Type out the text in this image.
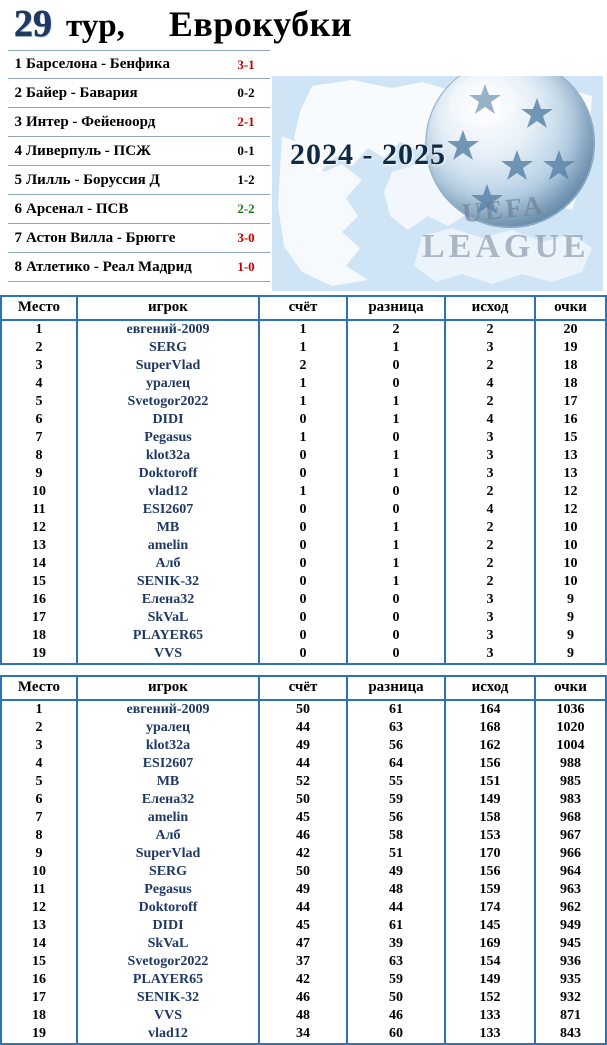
29 тур, Еврокубки
1 Барселона - Бенфика	3-1
2 Байер - Бавария	0-2
3 Интер - Фейеноорд	2-1
4 Ливерпуль - ПСЖ	0-1
5 Лилль - Боруссия Д	1-2
6 Арсенал - ПСВ	2-2
7 Астон Вилла - Брюгге	3-0
8 Атлетико - Реал Мадрид	1-0
UEFA
LEAGUE
2024 - 2025
Место	игрок	счёт	разница	исход	очки
1	евгений-2009	1	2	2	20
2	SERG	1	1	3	19
3	SuperVlad	2	0	2	18
4	уралец	1	0	4	18
5	Svetogor2022	1	1	2	17
6	DIDI	0	1	4	16
7	Pegasus	1	0	3	15
8	klot32a	0	1	3	13
9	Doktoroff	0	1	3	13
10	vlad12	1	0	2	12
11	ESI2607	0	0	4	12
12	MB	0	1	2	10
13	amelin	0	1	2	10
14	Алб	0	1	2	10
15	SENIK-32	0	1	2	10
16	Елена32	0	0	3	9
17	SkVaL	0	0	3	9
18	PLAYER65	0	0	3	9
19	VVS	0	0	3	9
Место	игрок	счёт	разница	исход	очки
1	евгений-2009	50	61	164	1036
2	уралец	44	63	168	1020
3	klot32a	49	56	162	1004
4	ESI2607	44	64	156	988
5	MB	52	55	151	985
6	Елена32	50	59	149	983
7	amelin	45	56	158	968
8	Алб	46	58	153	967
9	SuperVlad	42	51	170	966
10	SERG	50	49	156	964
11	Pegasus	49	48	159	963
12	Doktoroff	44	44	174	962
13	DIDI	45	61	145	949
14	SkVaL	47	39	169	945
15	Svetogor2022	37	63	154	936
16	PLAYER65	42	59	149	935
17	SENIK-32	46	50	152	932
18	VVS	48	46	133	871
19	vlad12	34	60	133	843
